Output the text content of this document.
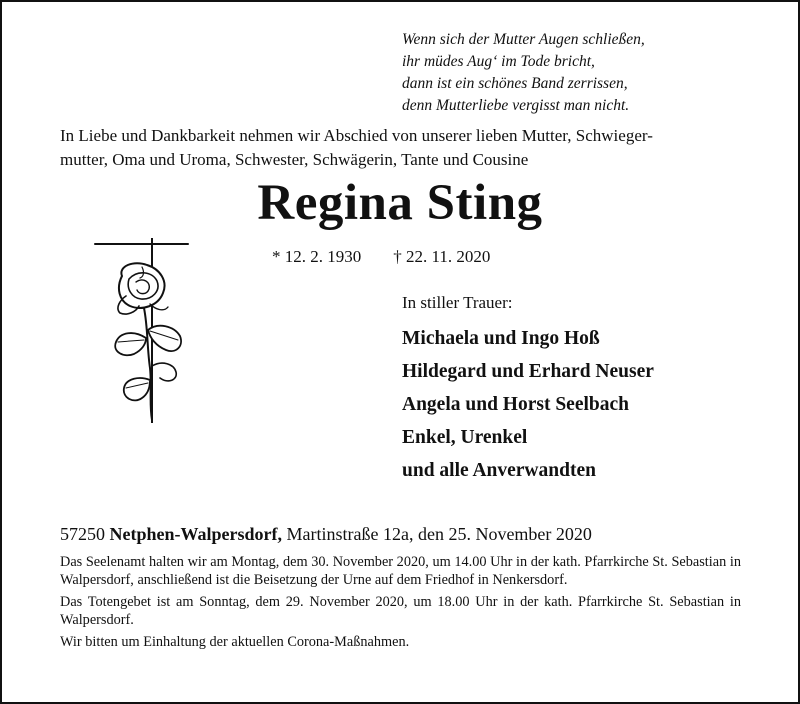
Wenn sich der Mutter Augen schließen,
ihr müdes Aug‘ im Tode bricht,
dann ist ein schönes Band zerrissen,
denn Mutterliebe vergisst man nicht.
In Liebe und Dankbarkeit nehmen wir Abschied von unserer lieben Mutter, Schwieger-
mutter, Oma und Uroma, Schwester, Schwägerin, Tante und Cousine
Regina Sting
* 12. 2. 1930 † 22. 11. 2020
In stiller Trauer:
Michaela und Ingo Hoß
Hildegard und Erhard Neuser
Angela und Horst Seelbach
Enkel, Urenkel
und alle Anverwandten
57250 Netphen-Walpersdorf, Martinstraße 12a, den 25. November 2020

Das Seelenamt halten wir am Montag, dem 30. November 2020, um 14.00 Uhr in der kath. Pfarrkirche St. Sebastian in Walpersdorf, anschließend ist die Beisetzung der Urne auf dem Friedhof in Nenkersdorf.

Das Totengebet ist am Sonntag, dem 29. November 2020, um 18.00 Uhr in der kath. Pfarrkirche St. Sebastian in Walpersdorf.

Wir bitten um Einhaltung der aktuellen Corona-Maßnahmen.
